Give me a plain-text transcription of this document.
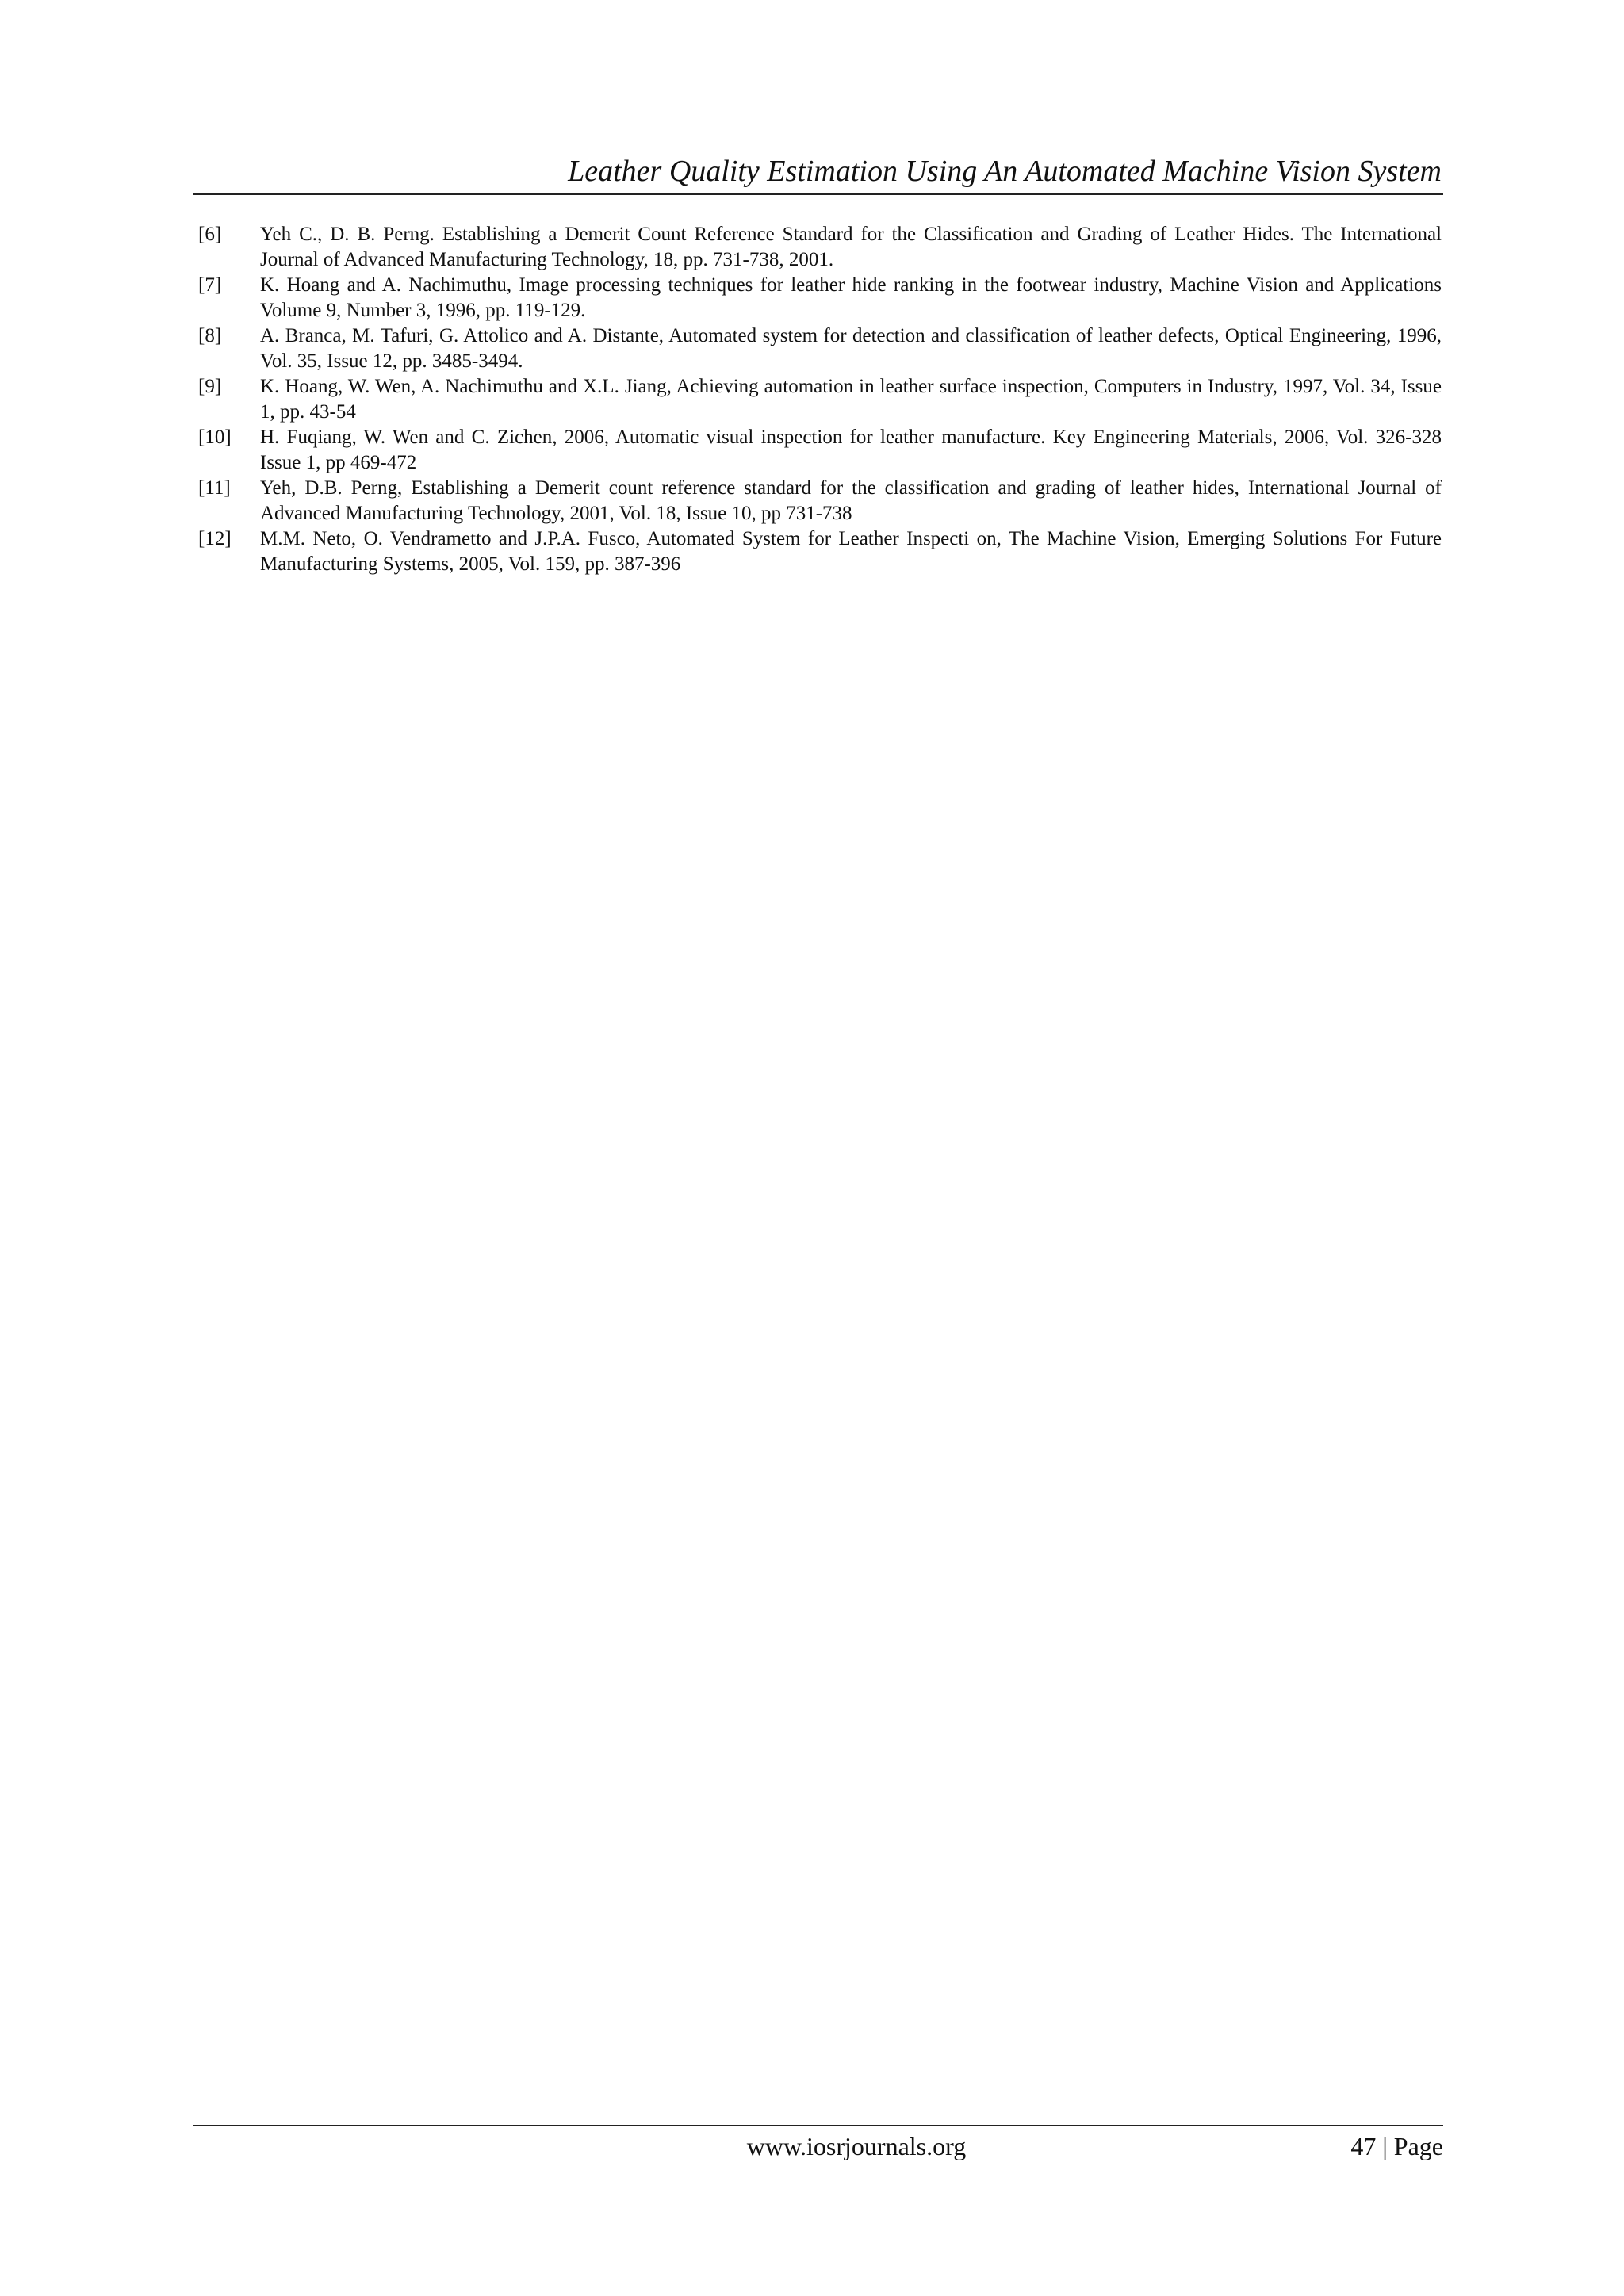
Leather Quality Estimation Using An Automated Machine Vision System
[6]	Yeh C., D. B. Perng. Establishing a Demerit Count Reference Standard for the Classification and Grading of Leather Hides. The International Journal of Advanced Manufacturing Technology, 18, pp. 731-738, 2001.
[7]	K. Hoang and A. Nachimuthu, Image processing techniques for leather hide ranking in the footwear industry, Machine Vision and Applications Volume 9, Number 3, 1996, pp. 119-129.
[8]	A. Branca, M. Tafuri, G. Attolico and A. Distante, Automated system for detection and classification of leather defects, Optical Engineering, 1996, Vol. 35, Issue 12, pp. 3485-3494.
[9]	K. Hoang, W. Wen, A. Nachimuthu and X.L. Jiang, Achieving automation in leather surface inspection, Computers in Industry, 1997, Vol. 34, Issue 1, pp. 43-54
[10]	H. Fuqiang, W. Wen and C. Zichen, 2006, Automatic visual inspection for leather manufacture. Key Engineering Materials, 2006, Vol. 326-328 Issue 1, pp 469-472
[11]	Yeh, D.B. Perng, Establishing a Demerit count reference standard for the classification and grading of leather hides, International Journal of Advanced Manufacturing Technology, 2001, Vol. 18, Issue 10, pp 731-738
[12]	M.M. Neto, O. Vendrametto and J.P.A. Fusco, Automated System for Leather Inspecti on, The Machine Vision, Emerging Solutions For Future Manufacturing Systems, 2005, Vol. 159, pp. 387-396
www.iosrjournals.org	47 | Page
